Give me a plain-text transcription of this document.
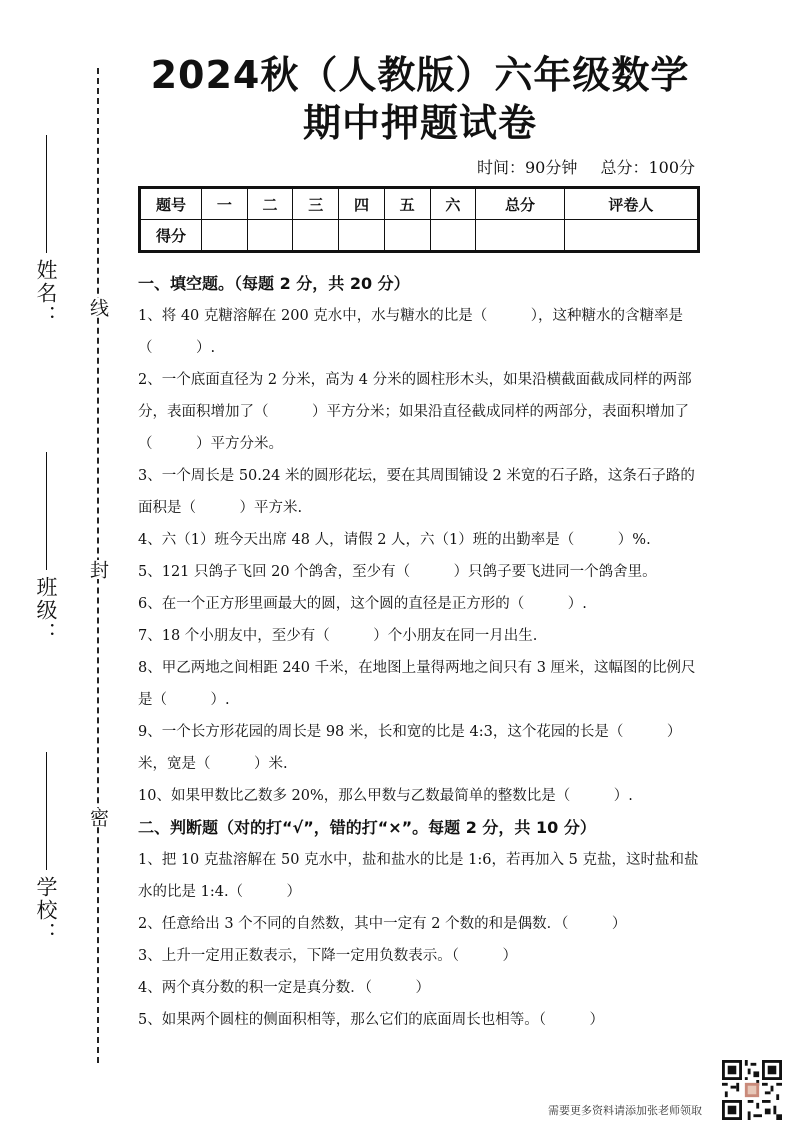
2024秋（人教版）六年级数学
期中押题试卷
时间：90分钟 总分：100分
题号	一	二	三	四	五	六	总分	评卷人
得分								
线
封
密
姓名：
班级：
学校：

一、填空题。（每题 2 分，共 20 分）

1、将 40 克糖溶解在 200 克水中，水与糖水的比是（　　　），这种糖水的含糖率是（　　　）.

2、一个底面直径为 2 分米，高为 4 分米的圆柱形木头，如果沿横截面截成同样的两部分，表面积增加了（　　　）平方分米；如果沿直径截成同样的两部分，表面积增加了（　　　）平方分米。

3、一个周长是 50.24 米的圆形花坛，要在其周围铺设 2 米宽的石子路，这条石子路的面积是（　　　）平方米.

4、六（1）班今天出席 48 人，请假 2 人，六（1）班的出勤率是（　　　）%.

5、121 只鸽子飞回 20 个鸽舍，至少有（　　　）只鸽子要飞进同一个鸽舍里。

6、在一个正方形里画最大的圆，这个圆的直径是正方形的（　　　）.

7、18 个小朋友中，至少有（　　　）个小朋友在同一月出生.

8、甲乙两地之间相距 240 千米，在地图上量得两地之间只有 3 厘米，这幅图的比例尺是（　　　）.

9、一个长方形花园的周长是 98 米，长和宽的比是 4:3，这个花园的长是（　　　）米，宽是（　　　）米.

10、如果甲数比乙数多 20%，那么甲数与乙数最简单的整数比是（　　　）.

二、判断题（对的打“√”，错的打“×”。每题 2 分，共 10 分）

1、把 10 克盐溶解在 50 克水中，盐和盐水的比是 1:6，若再加入 5 克盐，这时盐和盐水的比是 1:4.（　　　）

2、任意给出 3 个不同的自然数，其中一定有 2 个数的和是偶数．（　　　）

3、上升一定用正数表示，下降一定用负数表示。（　　　）

4、两个真分数的积一定是真分数．（　　　）

5、如果两个圆柱的侧面积相等，那么它们的底面周长也相等。（　　　）

需要更多资料请添加张老师领取
